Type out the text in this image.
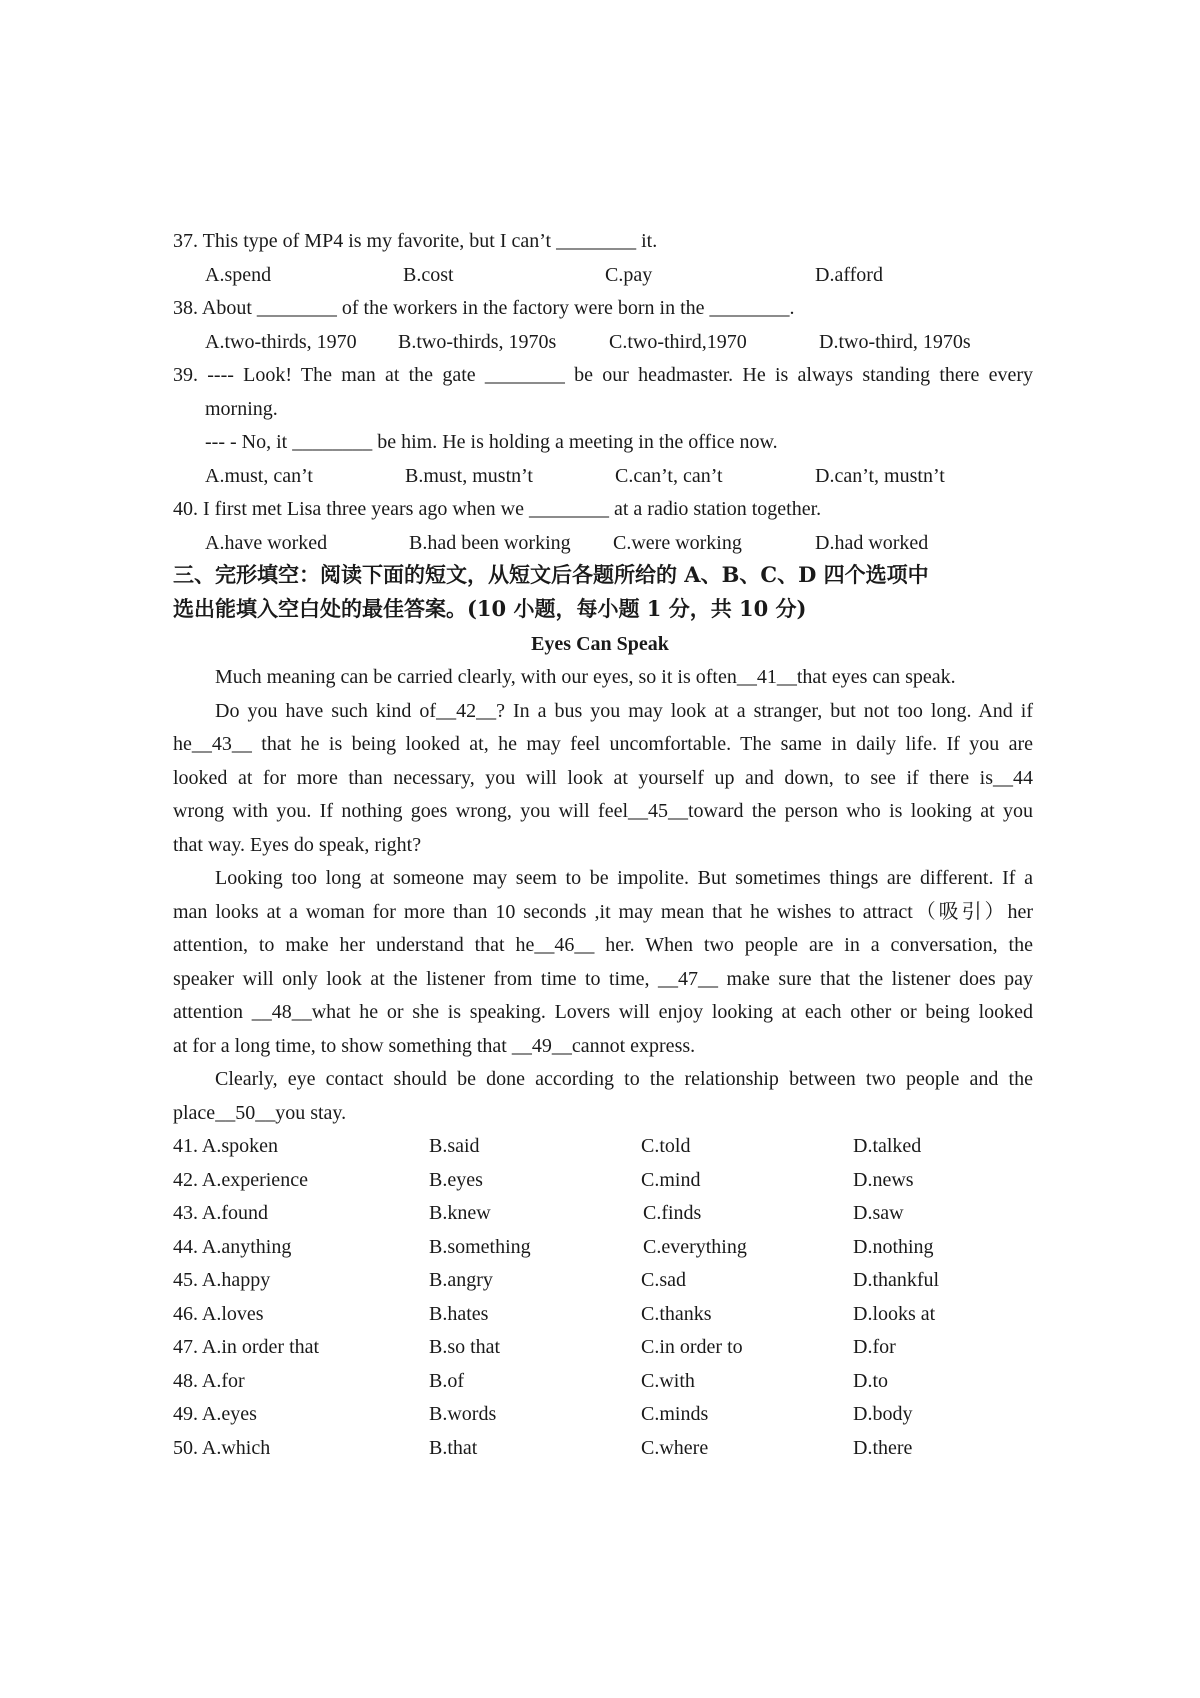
37. This type of MP4 is my favorite, but I can’t ________ it.
A.spend	B.cost	C.pay	D.afford
38. About ________ of the workers in the factory were born in the ________.
A.two-thirds, 1970 B.two-thirds, 1970s	C.two-third,1970	D.two-third, 1970s
39. ---- Look! The man at the gate ________ be our headmaster. He is always standing there every
morning.
--- - No, it ________ be him. He is holding a meeting in the office now.
A.must, can’t	B.must, mustn’t	C.can’t, can’t	D.can’t, mustn’t
40. I first met Lisa three years ago when we ________ at a radio station together.
A.have worked	B.had been working C.were working	D.had worked
三、完形填空：阅读下面的短文，从短文后各题所给的 A、B、C、D 四个选项中
选出能填入空白处的最佳答案。(10 小题，每小题 1 分，共 10 分)
Eyes Can Speak
Much meaning can be carried clearly, with our eyes, so it is often__41__that eyes can speak.
Do you have such kind of__42__? In a bus you may look at a stranger, but not too long. And if
he__43__ that he is being looked at, he may feel uncomfortable. The same in daily life. If you are
looked at for more than necessary, you will look at yourself up and down, to see if there is__44
wrong with you. If nothing goes wrong, you will feel__45__toward the person who is looking at you
that way. Eyes do speak, right?
Looking too long at someone may seem to be impolite. But sometimes things are different. If a
man looks at a woman for more than 10 seconds ,it may mean that he wishes to attract（吸引）her
attention, to make her understand that he__46__ her. When two people are in a conversation, the
speaker will only look at the listener from time to time, __47__ make sure that the listener does pay
attention __48__what he or she is speaking. Lovers will enjoy looking at each other or being looked
at for a long time, to show something that __49__cannot express.
Clearly, eye contact should be done according to the relationship between two people and the
place__50__you stay.
41. A.spoken	B.said	C.told	D.talked
42. A.experience	B.eyes	C.mind	D.news
43. A.found	B.knew	C.finds	D.saw
44. A.anything	B.something	C.everything	D.nothing
45. A.happy	B.angry	C.sad	D.thankful
46. A.loves	B.hates	C.thanks	D.looks at
47. A.in order that	B.so that	C.in order to	D.for
48. A.for	B.of	C.with	D.to
49. A.eyes	B.words	C.minds	D.body
50. A.which	B.that	C.where	D.there
